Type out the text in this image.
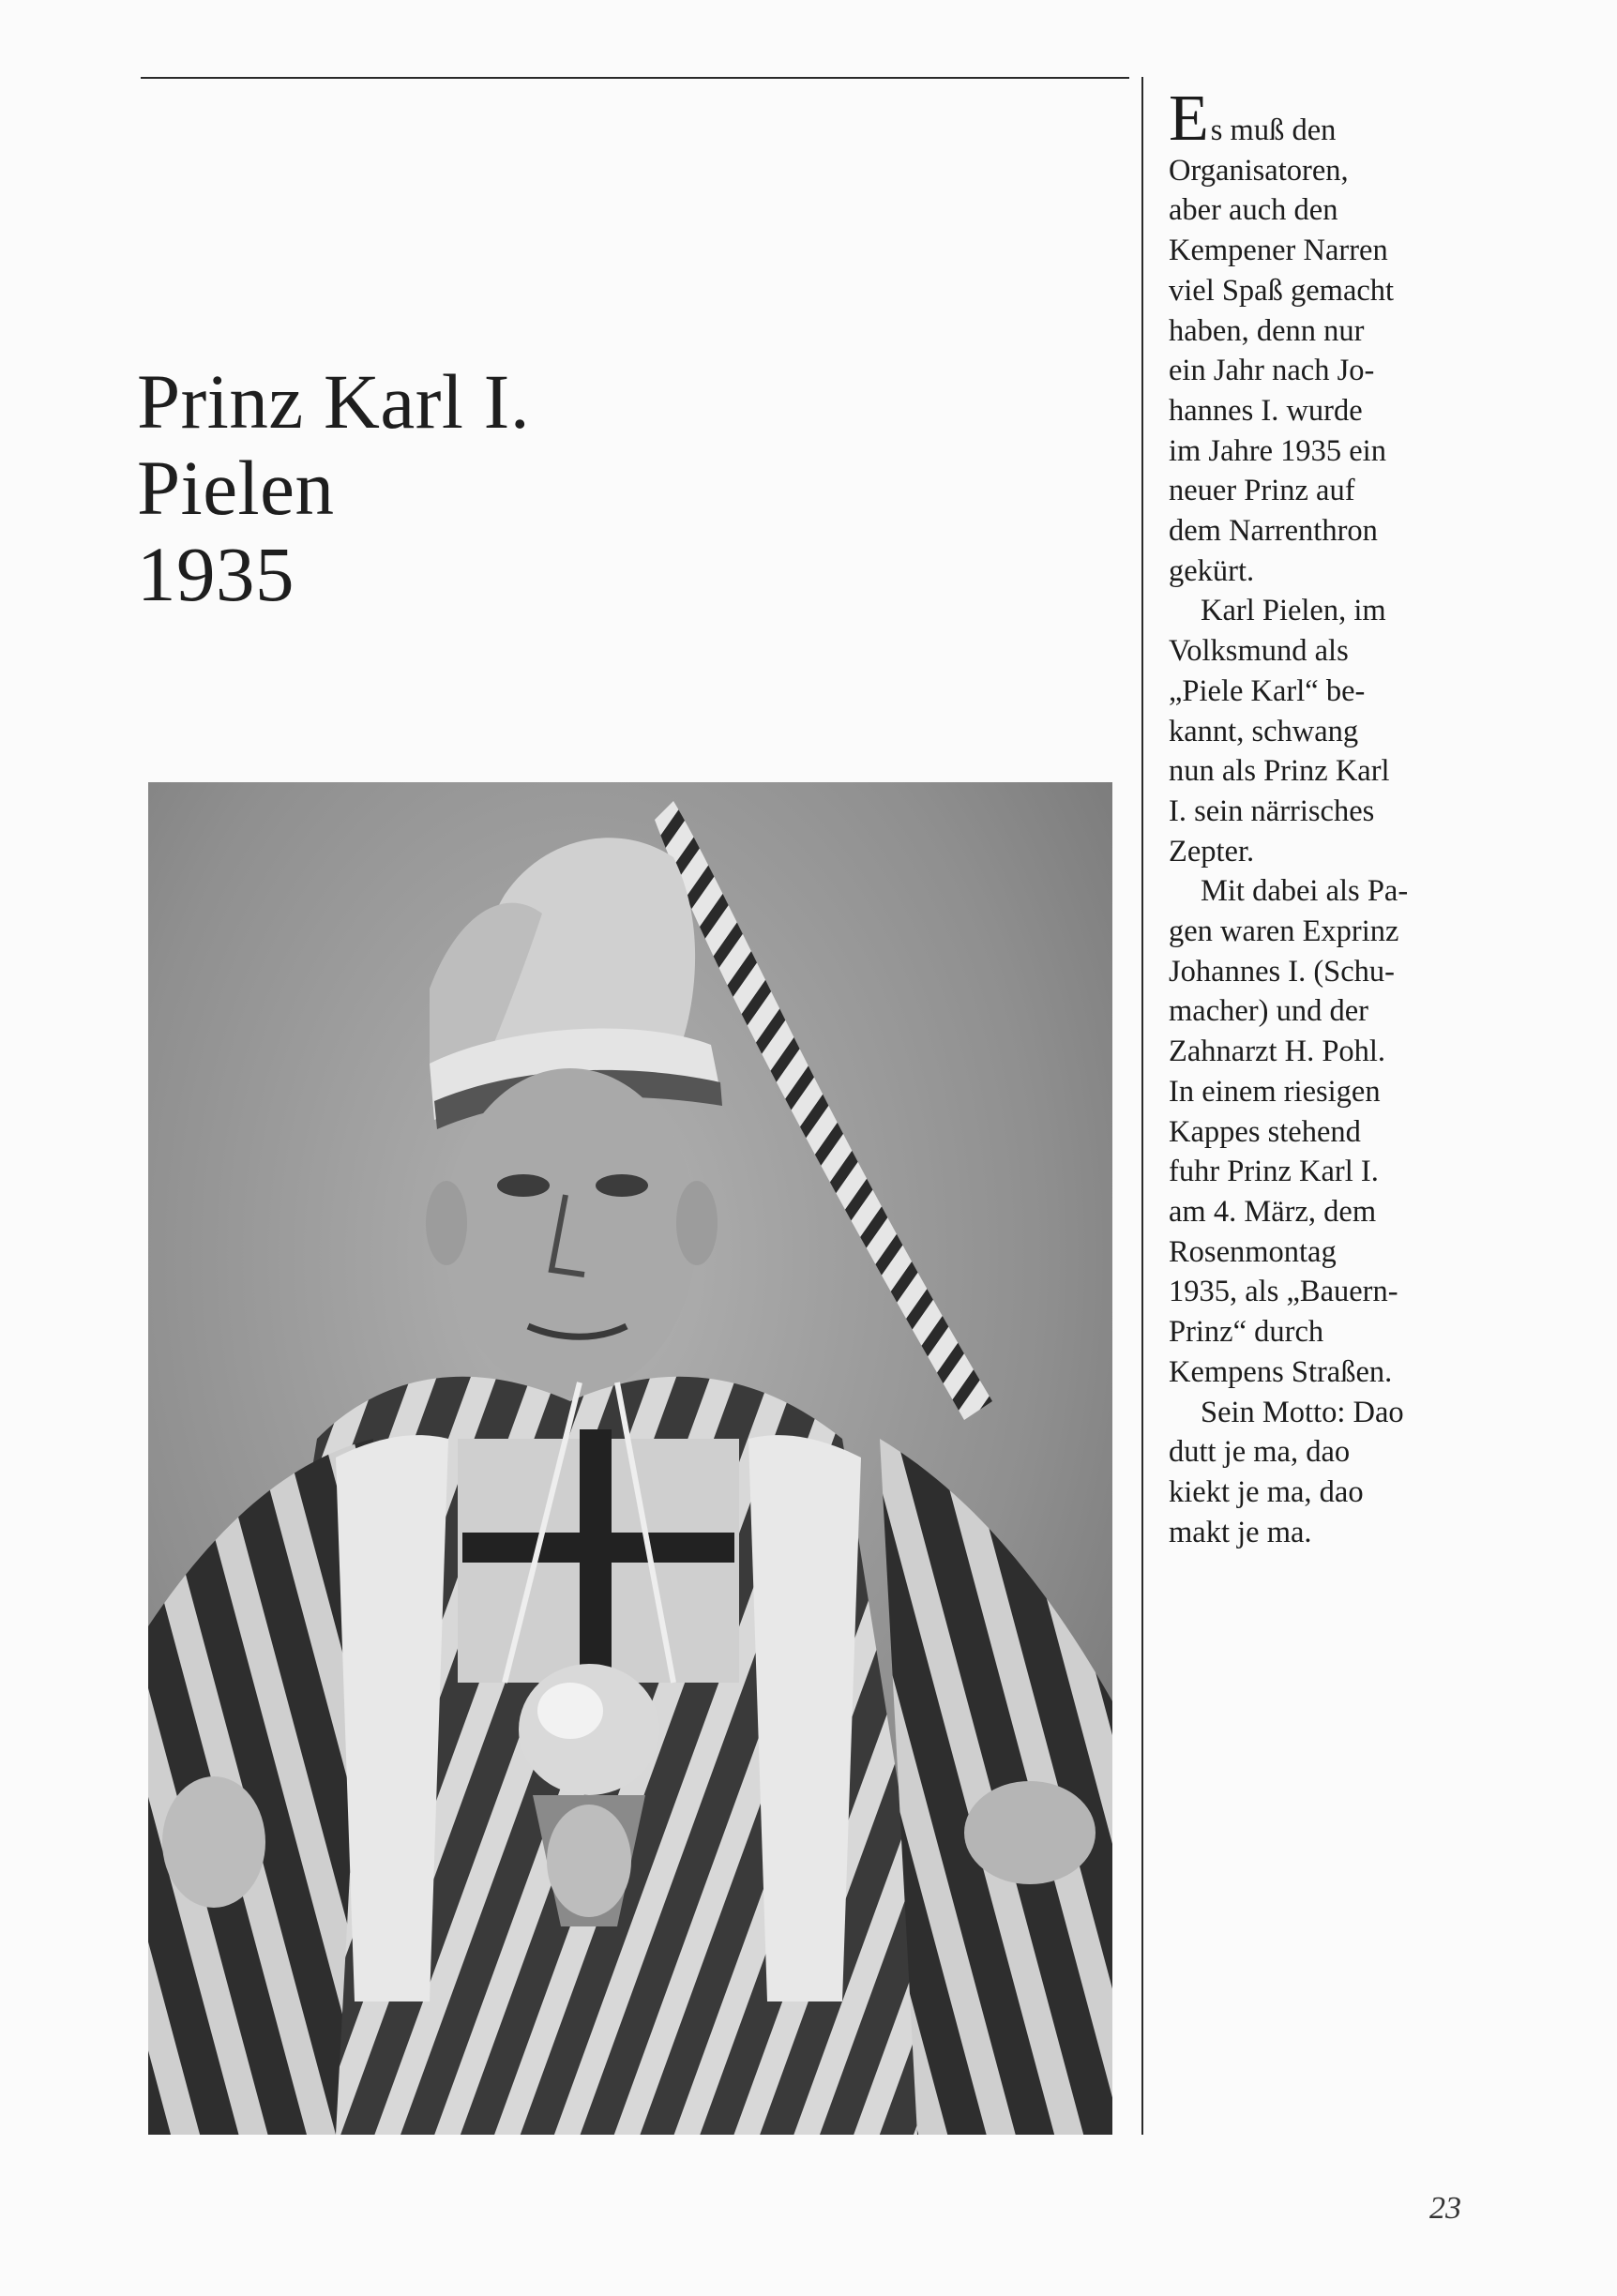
Prinz Karl I.
Pielen
1935

Es muß den
Organisatoren,
aber auch den
Kempener Narren
viel Spaß gemacht
haben, denn nur
ein Jahr nach Jo-
hannes I. wurde
im Jahre 1935 ein
neuer Prinz auf
dem Narrenthron
gekürt.

Karl Pielen, im
Volksmund als
„Piele Karl“ be-
kannt, schwang
nun als Prinz Karl
I. sein närrisches
Zepter.

Mit dabei als Pa-
gen waren Exprinz
Johannes I. (Schu-
macher) und der
Zahnarzt H. Pohl.
In einem riesigen
Kappes stehend
fuhr Prinz Karl I.
am 4. März, dem
Rosenmontag
1935, als „Bauern-
Prinz“ durch
Kempens Straßen.

Sein Motto: Dao
dutt je ma, dao
kiekt je ma, dao
makt je ma.

23
